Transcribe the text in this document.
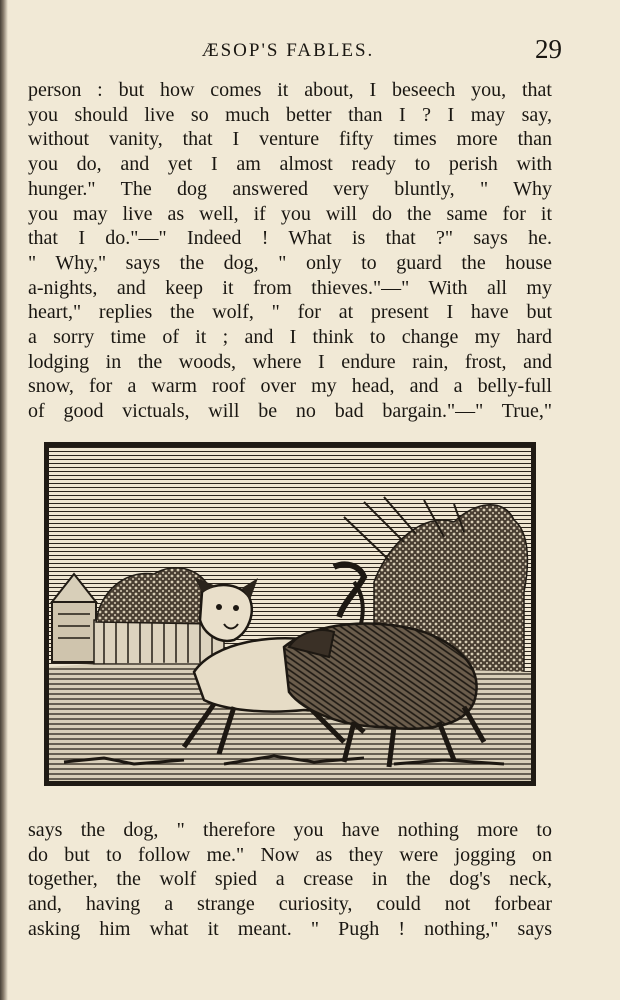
ÆSOP'S FABLES.	29
person : but how comes it about, I beseech you, that
you should live so much better than I ? I may say,
without vanity, that I venture fifty times more than
you do, and yet I am almost ready to perish with
hunger." The dog answered very bluntly, " Why
you may live as well, if you will do the same for it
that I do."—" Indeed ! What is that ?" says he.
" Why," says the dog, " only to guard the house
a-nights, and keep it from thieves."—" With all my
heart," replies the wolf, " for at present I have but
a sorry time of it ; and I think to change my hard
lodging in the woods, where I endure rain, frost, and
snow, for a warm roof over my head, and a belly-full
of good victuals, will be no bad bargain."—" True,"
says the dog, " therefore you have nothing more to
do but to follow me." Now as they were jogging on
together, the wolf spied a crease in the dog's neck,
and, having a strange curiosity, could not forbear
asking him what it meant. " Pugh ! nothing," says
